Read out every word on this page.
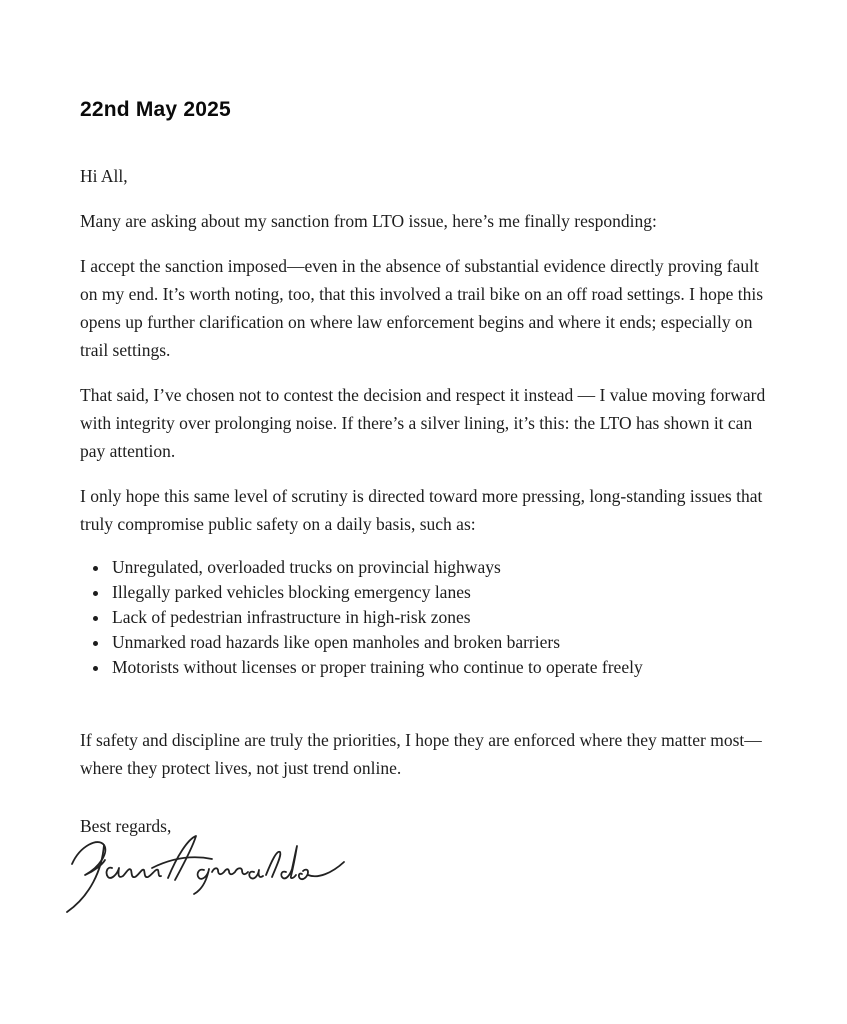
22nd May 2025

Hi All,

Many are asking about my sanction from LTO issue, here’s me finally responding:

I accept the sanction imposed—even in the absence of substantial evidence directly proving fault on my end. It’s worth noting, too, that this involved a trail bike on an off road settings. I hope this opens up further clarification on where law enforcement begins and where it ends; especially on trail settings.

That said, I’ve chosen not to contest the decision and respect it instead — I value moving forward with integrity over prolonging noise. If there’s a silver lining, it’s this: the LTO has shown it can pay attention.

I only hope this same level of scrutiny is directed toward more pressing, long-standing issues that truly compromise public safety on a daily basis, such as:

• Unregulated, overloaded trucks on provincial highways
• Illegally parked vehicles blocking emergency lanes
• Lack of pedestrian infrastructure in high-risk zones
• Unmarked road hazards like open manholes and broken barriers
• Motorists without licenses or proper training who continue to operate freely

If safety and discipline are truly the priorities, I hope they are enforced where they matter most—where they protect lives, not just trend online.

Best regards,
